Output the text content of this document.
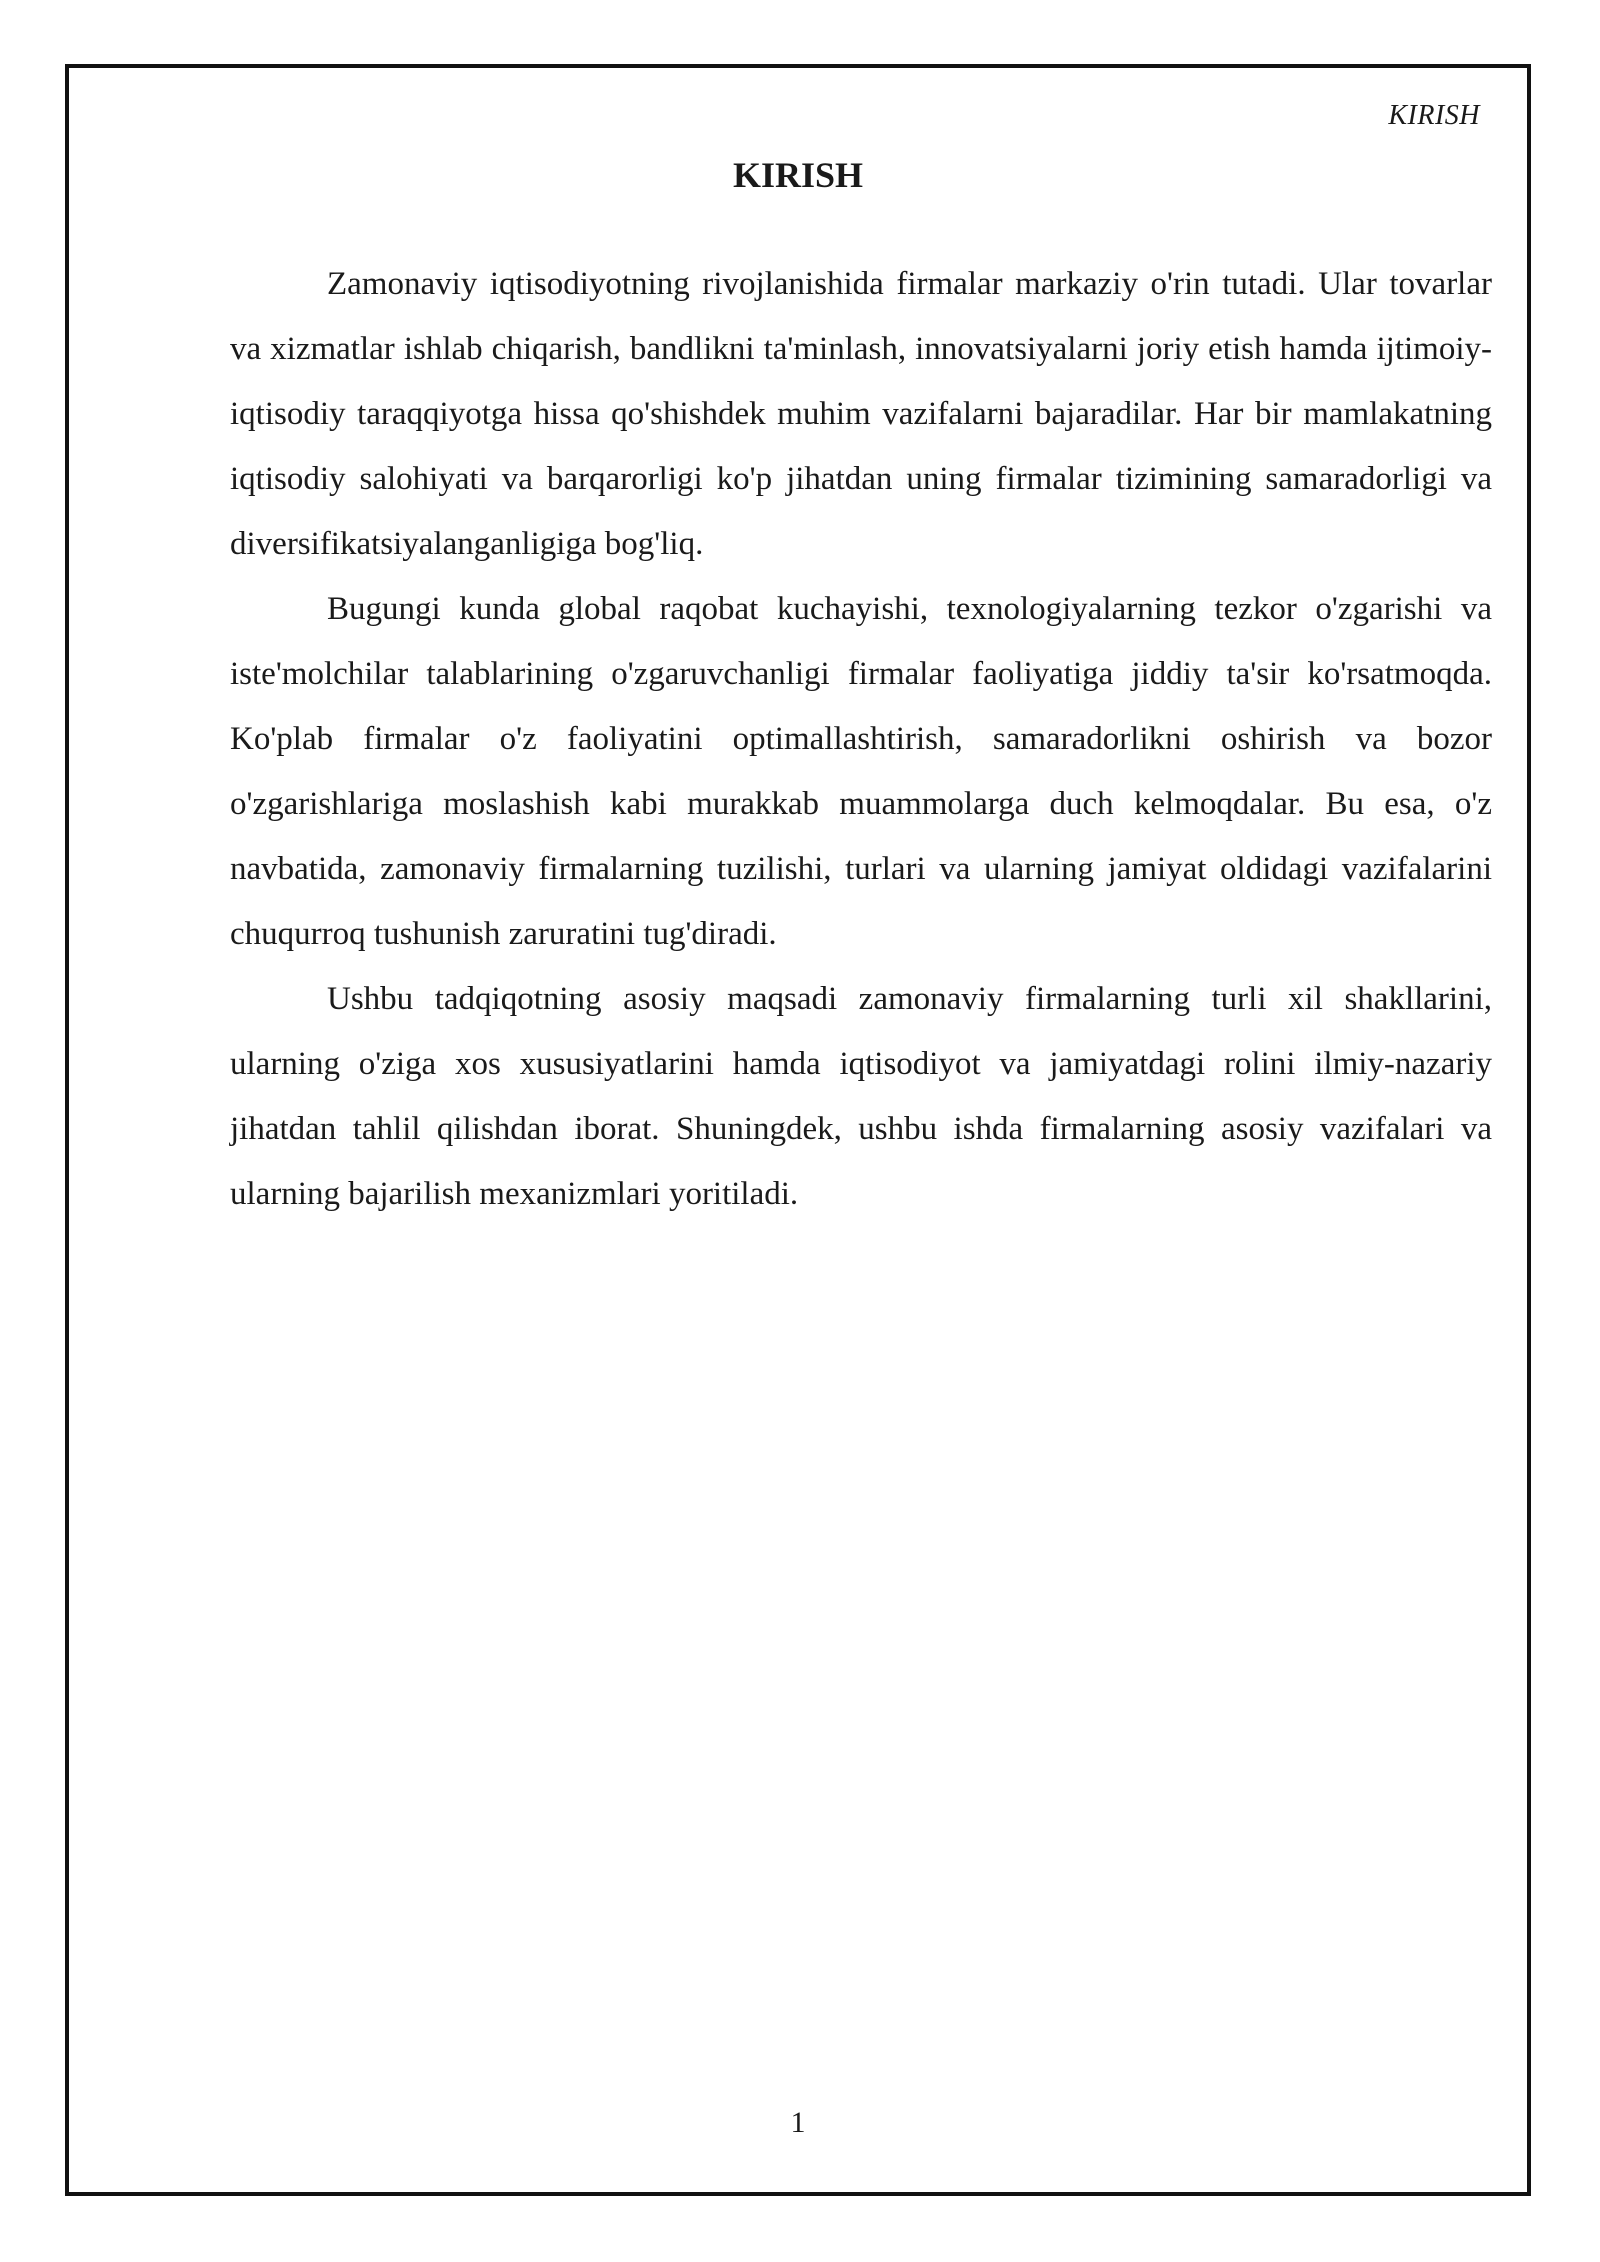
KIRISH
KIRISH

Zamonaviy iqtisodiyotning rivojlanishida firmalar markaziy o'rin tutadi. Ular tovarlar va xizmatlar ishlab chiqarish, bandlikni ta'minlash, innovatsiyalarni joriy etish hamda ijtimoiy-iqtisodiy taraqqiyotga hissa qo'shishdek muhim vazifalarni bajaradilar. Har bir mamlakatning iqtisodiy salohiyati va barqarorligi ko'p jihatdan uning firmalar tizimining samaradorligi va diversifikatsiyalanganligiga bog'liq.

Bugungi kunda global raqobat kuchayishi, texnologiyalarning tezkor o'zgarishi va iste'molchilar talablarining o'zgaruvchanligi firmalar faoliyatiga jiddiy ta'sir ko'rsatmoqda. Ko'plab firmalar o'z faoliyatini optimallashtirish, samaradorlikni oshirish va bozor o'zgarishlariga moslashish kabi murakkab muammolarga duch kelmoqdalar. Bu esa, o'z navbatida, zamonaviy firmalarning tuzilishi, turlari va ularning jamiyat oldidagi vazifalarini chuqurroq tushunish zaruratini tug'diradi.

Ushbu tadqiqotning asosiy maqsadi zamonaviy firmalarning turli xil shakllarini, ularning o'ziga xos xususiyatlarini hamda iqtisodiyot va jamiyatdagi rolini ilmiy-nazariy jihatdan tahlil qilishdan iborat. Shuningdek, ushbu ishda firmalarning asosiy vazifalari va ularning bajarilish mexanizmlari yoritiladi.

1
